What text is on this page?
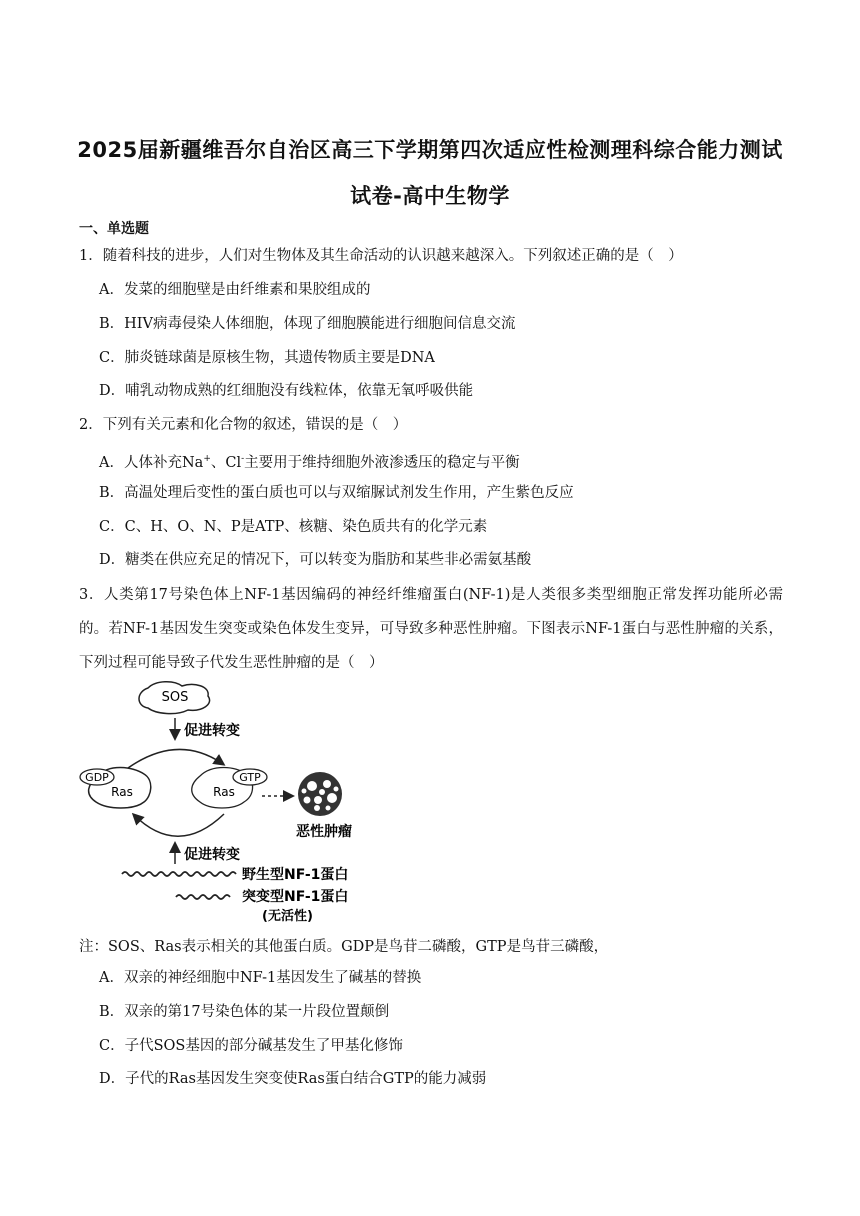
2025届新疆维吾尔自治区高三下学期第四次适应性检测理科综合能力测试
试卷-高中生物学
一、单选题
1．随着科技的进步，人们对生物体及其生命活动的认识越来越深入。下列叙述正确的是（　）
A．发菜的细胞壁是由纤维素和果胶组成的
B．HIV病毒侵染人体细胞，体现了细胞膜能进行细胞间信息交流
C．肺炎链球菌是原核生物，其遗传物质主要是DNA
D．哺乳动物成熟的红细胞没有线粒体，依靠无氧呼吸供能
2．下列有关元素和化合物的叙述，错误的是（　）
A．人体补充Na+、Cl-主要用于维持细胞外液渗透压的稳定与平衡
B．高温处理后变性的蛋白质也可以与双缩脲试剂发生作用，产生紫色反应
C．C、H、O、N、P是ATP、核糖、染色质共有的化学元素
D．糖类在供应充足的情况下，可以转变为脂肪和某些非必需氨基酸
3．人类第17号染色体上NF-1基因编码的神经纤维瘤蛋白(NF-1)是人类很多类型细胞正常发挥功能所必需的。若NF-1基因发生突变或染色体发生变异，可导致多种恶性肿瘤。下图表示NF-1蛋白与恶性肿瘤的关系，下列过程可能导致子代发生恶性肿瘤的是（　）
SOS
促进转变
Ras
GDP
Ras
GTP
恶性肿瘤
促进转变
野生型NF-1蛋白
突变型NF-1蛋白
(无活性)
注：SOS、Ras表示相关的其他蛋白质。GDP是鸟苷二磷酸，GTP是鸟苷三磷酸，
A．双亲的神经细胞中NF-1基因发生了碱基的替换
B．双亲的第17号染色体的某一片段位置颠倒
C．子代SOS基因的部分碱基发生了甲基化修饰
D．子代的Ras基因发生突变使Ras蛋白结合GTP的能力减弱
